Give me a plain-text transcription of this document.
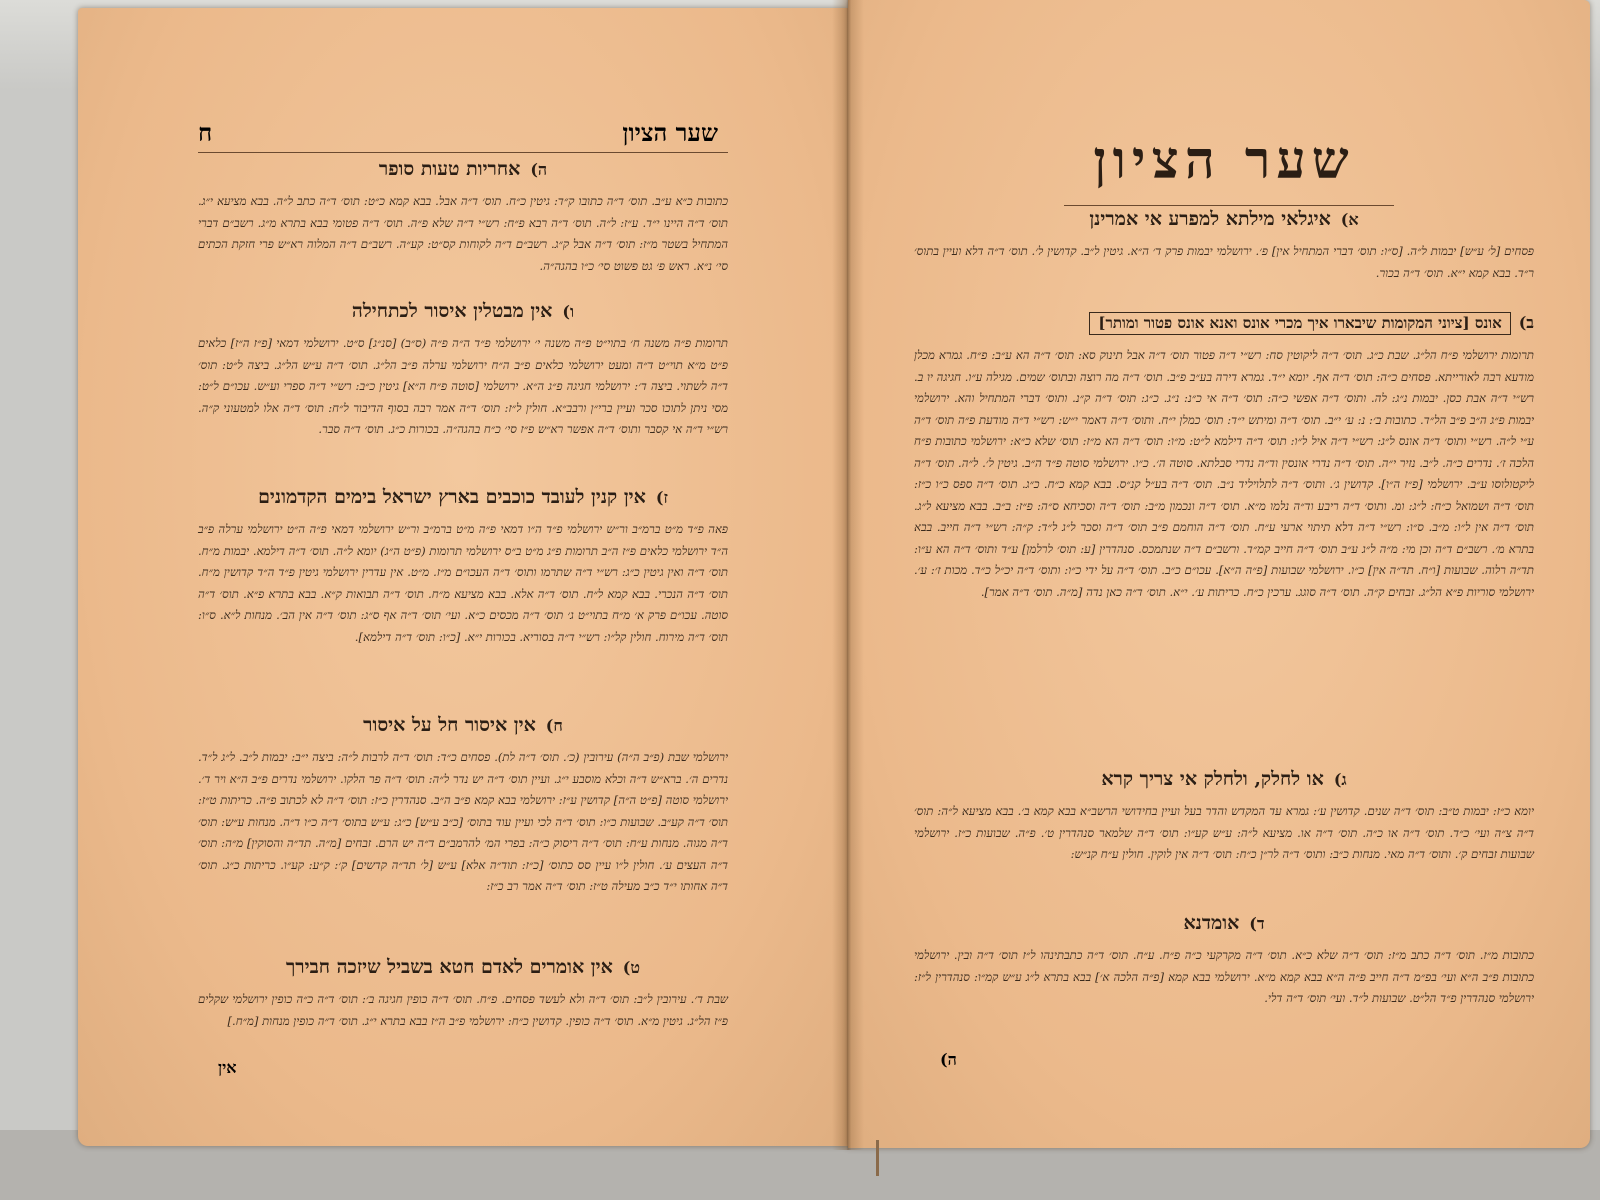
שער הציון
ח
ה)אחריות טעות סופר
כתובות כ״א ע״ב. תוס׳ ד״ה כתובו ק״ד: גיטין כ״ח. תוס׳ ד״ה אבל. בבא קמא כ״ט: תוס׳ ד״ה כתב ל״ה. בבא מציעא י״ג. תוס׳ ד״ה היינו י״ד. ע״ז: ל״ה. תוס׳ ד״ה רבא פ״ח: רש״י ד״ה שלא פ״ה. תוס׳ ד״ה פטומי בבא בתרא מ״ג. רשב״ם דברי המתחיל בשטר מ״ז: תוס׳ ד״ה אבל ק״ג. רשב״ם ד״ה לקוחות קס״ט: קע״ה. רשב״ם ד״ה המלוה רא״ש פרי חזקת הכתים סי׳ נ״א. ראש פ׳ גט פשוט סי׳ כ״ו בהגה״ה.
ו)אין מבטלין איסור לכתחילה
תרומות פ״ה משנה ח׳ בתוי״ט פ״ה משנה י׳ ירושלמי פ״ד ה״ה פ״ה (ס״ב) [סנ״ג] ס״ט. ירושלמי דמאי [פ״ז ה״ז] כלאים פ״ט מ״א תוי״ט ד״ה ומעט ירושלמי כלאים פ״ב ה״ח ירושלמי ערלה פ״ב הל״ג. תוס׳ ד״ה ע״ש הל״ג. ביצה ל״ט: תוס׳ ד״ה לשתוי. ביצה ד׳: ירושלמי חגיגה פ״ג ה״א. ירושלמי [סוטה פ״ח ה״א] גיטין כ״ב: רש״י ד״ה ספרי וע״ש. עכו״ם ל״ט: מסי ניתן לתוכו סכר ועיין ברי״ן ורבב״א. חולין ל״ז: תוס׳ ד״ה אמר רבה בסוף הדיבור ל״ח: תוס׳ ד״ה אלו למטעוני ק״ה. רש״י ד״ה אי קסבר ותוס׳ ד״ה אפשר רא״ש פ״ז סי׳ כ״ח בהגה״ה. בכורות כ״ג. תוס׳ ד״ה סבר.
ז)אין קנין לעובד כוכבים בארץ ישראל בימים הקדמונים
פאה פ״ד מ״ט ברמ״ב ור״ש ירושלמי פ״ד ה״ו דמאי פ״ה מ״ט ברמ״ב ור״ש ירושלמי דמאי פ״ה ה״ט ירושלמי ערלה פ״ב ה״ד ירושלמי כלאים פ״ז ה״ב תרומות פ״ג מ״ט ב״ס ירושלמי תרומות (פ״ט ה״ג) יומא ל״ה. תוס׳ ד״ה דילמא. יבמות מ״ח. תוס׳ ד״ה ואין גיטין כ״ג: רש״י ד״ה שתרמו ותוס׳ ד״ה העכו״ם מ״ז. מ״ט. אין עדרין ירושלמי גיטין פ״ד ה״ד קדושין מ״ח. תוס׳ ד״ה הנכרי. בבא קמא ל״ח. תוס׳ ד״ה אלא. בבא מציעא מ״ח. תוס׳ ד״ה תבואות ק״א. בבא בתרא פ״א. תוס׳ ד״ה סוטה. עכו״ם פרק א׳ מ״ח בתוי״ט ג׳ תוס׳ ד״ה מכסים כ״א. ועי׳ תוס׳ ד״ה אף ס״ג: תוס׳ ד״ה אין הב׳. מנחות ל״א. ס״ו: תוס׳ ד״ה מירוח. חולין קל״ו: רש״י ד״ה בסוריא. בכורות י״א. [כ״ו: תוס׳ ד״ה דילמא].
ח)אין איסור חל על איסור
ירושלמי שבת (פ״ב ה״ה) עירובין (כ׳. תוס׳ ד״ה לת). פסחים כ״ד: תוס׳ ד״ה לרבות ל״ה: ביצה י״ב: יבמות ל״ב. ל״ג ל״ד. נדרים ה׳. ברא״ש ד״ה וכלא מוסבע י״ג. ועיין תוס׳ ד״ה יש נדר ל״ה: תוס׳ ד״ה פר הלקו. ירושלמי נדרים פ״ב ה״א ויר ד׳. ירושלמי סוטה [פ״ט ה״ה] קדושין ע״ז: ירושלמי בבא קמא פ״ב ה״ב. סנהדרין כ״ז: תוס׳ ד״ה לא לכתוב פ״ה. כריתות ט״ז: תוס׳ ד״ה קע״ב. שבועות כ״ו: תוס׳ ד״ה לכי ועיין עוד בתוס׳ [כ״ב ע״ש] כ״ג: ע״ש בתוס׳ ד״ה כ״ו ד״ה. מנחות ע״ש: תוס׳ ד״ה מגוה. מנחות ע״ח: תוס׳ ד״ה ריסוק כ״ה: בפרי המ׳ להרמב״ם ד״ה יש הרם. זבחים [מ״ה. תד״ה והסוקין] מ״ה: תוס׳ ד״ה העצים ע׳. חולין ל״ו עיין סס כתוס׳ [כ״ז: תוד״ה אלא] ע״ש [ל׳ תד״ה קדשים] ק׳: ק״ע: קע״ו. כריתות כ״ג. תוס׳ ד״ה אחותו י״ד כ״ב מעילה ט״ז: תוס׳ ד״ה אמר רב כ״ז:
ט)אין אומרים לאדם חטא בשביל שיזכה חבירך
שבת ד׳. עירובין ל״ב: תוס׳ ד״ה ולא לעשד פסחים. פ״ח. תוס׳ ד״ה כופין חגיגה ב׳: תוס׳ ד״ה כ״ה כופין ירושלמי שקלים פ״ז הל״ג. גיטין מ״א. תוס׳ ד״ה כופין. קדושין כ״ח: ירושלמי פ״ב ה״ז בבא בתרא י״ג. תוס׳ ד״ה כופין מנחות [מ״ח.]
אין
שער הציון
א)איגלאי מילתא למפרע אי אמרינן
פסחים [ל׳ ע״ש] יבמות ל״ה. [ס״ו: תוס׳ דברי המתחיל אין] פ׳. ירושלמי יבמות פרק ד׳ ה״א. גיטין ל״ב. קדושין ל׳. תוס׳ ד״ה דלא ועיין בתוס׳ ר״ד. בבא קמא י״א. תוס׳ ד״ה בכור.
ב)אונס [ציוני המקומות שיבארו איך מכרי אונס ואנא אונס פטור ומותר]
תרומות ירושלמי פ״ח הל״ג. שבת כ״ג. תוס׳ ד״ה ליקוטין סח: רש״י ד״ה פטור תוס׳ ד״ה אבל תינוק סא: תוס׳ ד״ה הא ע״ב: פ״ח. גמרא מכלן מודעא רבה לאורייתא. פסחים כ״ה: תוס׳ ד״ה אף. יומא י״ד. גמרא דירה בע״ב פ״ב. תוס׳ ד״ה מה רוצה ובתוס׳ שמים. מגילה ע״ו. חגיגה יו ב. רש״י ד״ה אבת כסן. יבמות נ״ג: לה. ותוס׳ ד״ה אפשי כ״ה: תוס׳ ד״ה אי כ״נ: נ״ג. כ״ג: תוס׳ ד״ה ק״נ. ותוס׳ דברי המתחיל והא. ירושלמי יבמות פ״ג ה״ב פ״ב הל״ד. כתובות ב׳: נ: ע׳ י״ב. תוס׳ ד״ה ומיתש י״ד: תוס׳ כמלן י״ח. ותוס׳ ד״ה דאמר י״ש: רש״י ד״ה מודעת פ״ה תוס׳ ד״ה ע״י ל״ה. רש״י ותוס׳ ד״ה אונס ל״ג: רש״י ד״ה איל ל״ו: תוס׳ ד״ה דילמא ל״ט: מ״ו: תוס׳ ד״ה הא מ״ז: תוס׳ שלא כ״א: ירושלמי כתובות פ״ח הלכה ז׳. נדרים כ״ה. ל״ב. נזיר י״ה. תוס׳ ד״ה נדרי אונסין וד״ה נדרי סבלתא. סוטה ה׳. כ״ו. ירושלמי סוטה פ״ד ה״ב. גיטין ל׳. ל״ה. תוס׳ ד״ה ליקטולוסו ע״ב. ירושלמי [פ״ז ה״ו]. קדושין ג׳. ותוס׳ ד״ה לתלויליד נ״ב. תוס׳ ד״ה בע״ל קנ״ס. בבא קמא כ״ח. כ״ג. תוס׳ ד״ה ספס כ״ו כ״ז: תוס׳ ד״ה ושמואל כ״ח: ל״ג: ומ. ותוס׳ ד״ה ריבע וד״ה נלמו מ״א. תוס׳ ד״ה ונכמון מ״ב: תוס׳ ד״ה וסכיחא ס״ה: פ״ז: ב״ב. בבא מציעא ל״ג. תוס׳ ד״ה אין ל״ו: מ״ב. ס״ו: רש״י ד״ה דלא תיתוי ארעי ע״ח. תוס׳ ד״ה הוחמם פ״ב תוס׳ ד״ה וסכר ל״ג ל״ד: ק״ה: רש״י ד״ה חייב. בבא בתרא מ׳. רשב״ם ד״ה וכן מי: מ״ה ל״ג ע״ב תוס׳ ד״ה חייב קמ״ד. ורשב״ם ד״ה שנתמכס. סנהדרין [ע: תוס׳ לרלמן] ע״ד ותוס׳ ד״ה הא ע״ו: תד״ה רלוה. שבועות [ו״ח. תד״ה אין] כ״ו. ירושלמי שבועות [פ״ה ה״א]. עכו״ם כ״ב. תוס׳ ד״ה על ידי כ״ו: ותוס׳ ד״ה יכ״ל כ״ד. מכות ז׳: ע׳. ירושלמי סוריות פ״א הל״ג. זבחים ק״ה. תוס׳ ד״ה סוגג. ערכין כ״ח. כריתות ע׳. י״א. תוס׳ ד״ה כאן נדה [מ״ה. תוס׳ ד״ה אמר].
ג)או לחלק, ולחלק אי צריך קרא
יומא כ״ז: יבמות ט״ב: תוס׳ ד״ה שנים. קדושין ע׳: גמרא עד המקדש והדר בעל ועיין בחידושי הרשב״א בבא קמא ב׳. בבא מציעא ל״ה: תוס׳ ד״ה צ״ה ועי׳ כ״ד. תוס׳ ד״ה או כ״ה. תוס׳ ד״ה או. מציעא ל״ה: ע״ש קע״ו: תוס׳ ד״ה שלמאר סנהדרין ט׳. פ״ה. שבועות כ״ז. ירושלמי שבועות זבחים ק׳. ותוס׳ ד״ה מאי. מנחות כ״ב: ותוס׳ ד״ה לר״ן כ״ח: תוס׳ ד״ה אין לוקין. חולין ע״ח קנ״ש:
ד)אומדנא
כתובות מ״ז. תוס׳ ד״ה כתב מ״ז: תוס׳ ד״ה שלא כ״א. תוס׳ ד״ה מקרקעי כ״ה פ״ח. ע״ח. תוס׳ ד״ה כתבתינהו ל״ז תוס׳ ד״ה ובין. ירושלמי כתובות פ״ב ה״א ועי׳ בפ״מ ד״ה חייב פ״ה ה״א בבא קמא מ״א. ירושלמי בבא קמא [פ״ה הלכה א׳] בבא בתרא ל״ג ע״ש קמ״ו: סנהדרין ל״ז: ירושלמי סנהדרין פ״ד הל״ט. שבועות ל״ד. ועי׳ תוס׳ ד״ה דלי.
ה)
